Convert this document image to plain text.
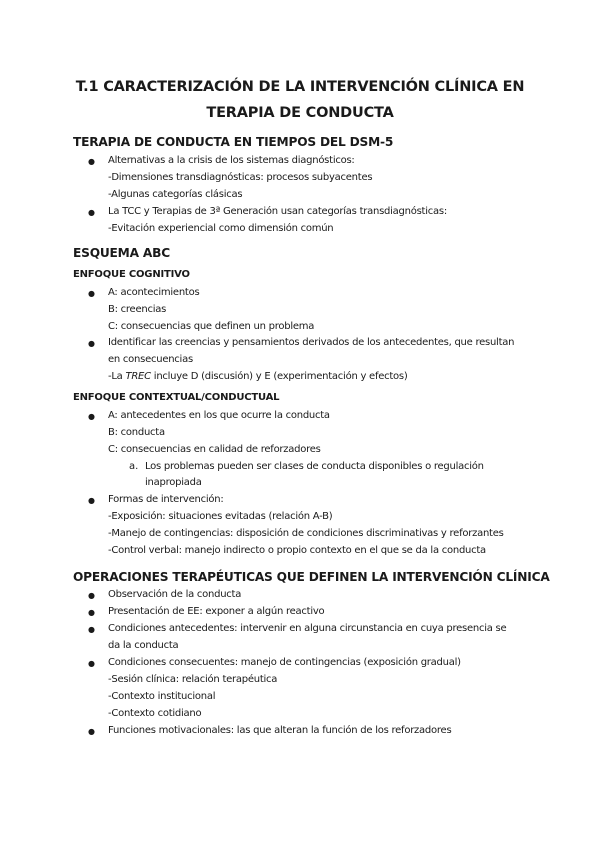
T.1 CARACTERIZACIÓN DE LA INTERVENCIÓN CLÍNICA EN
TERAPIA DE CONDUCTA
TERAPIA DE CONDUCTA EN TIEMPOS DEL DSM-5
● Alternativas a la crisis de los sistemas diagnósticos:
-Dimensiones transdiagnósticas: procesos subyacentes
-Algunas categorías clásicas
● La TCC y Terapias de 3ª Generación usan categorías transdiagnósticas:
-Evitación experiencial como dimensión común
ESQUEMA ABC
ENFOQUE COGNITIVO
● A: acontecimientos
B: creencias
C: consecuencias que definen un problema
● Identificar las creencias y pensamientos derivados de los antecedentes, que resultan
en consecuencias
-La TREC incluye D (discusión) y E (experimentación y efectos)
ENFOQUE CONTEXTUAL/CONDUCTUAL
● A: antecedentes en los que ocurre la conducta
B: conducta
C: consecuencias en calidad de reforzadores
a. Los problemas pueden ser clases de conducta disponibles o regulación
inapropiada
● Formas de intervención:
-Exposición: situaciones evitadas (relación A-B)
-Manejo de contingencias: disposición de condiciones discriminativas y reforzantes
-Control verbal: manejo indirecto o propio contexto en el que se da la conducta
OPERACIONES TERAPÉUTICAS QUE DEFINEN LA INTERVENCIÓN CLÍNICA
● Observación de la conducta
● Presentación de EE: exponer a algún reactivo
● Condiciones antecedentes: intervenir en alguna circunstancia en cuya presencia se
da la conducta
● Condiciones consecuentes: manejo de contingencias (exposición gradual)
-Sesión clínica: relación terapéutica
-Contexto institucional
-Contexto cotidiano
● Funciones motivacionales: las que alteran la función de los reforzadores
